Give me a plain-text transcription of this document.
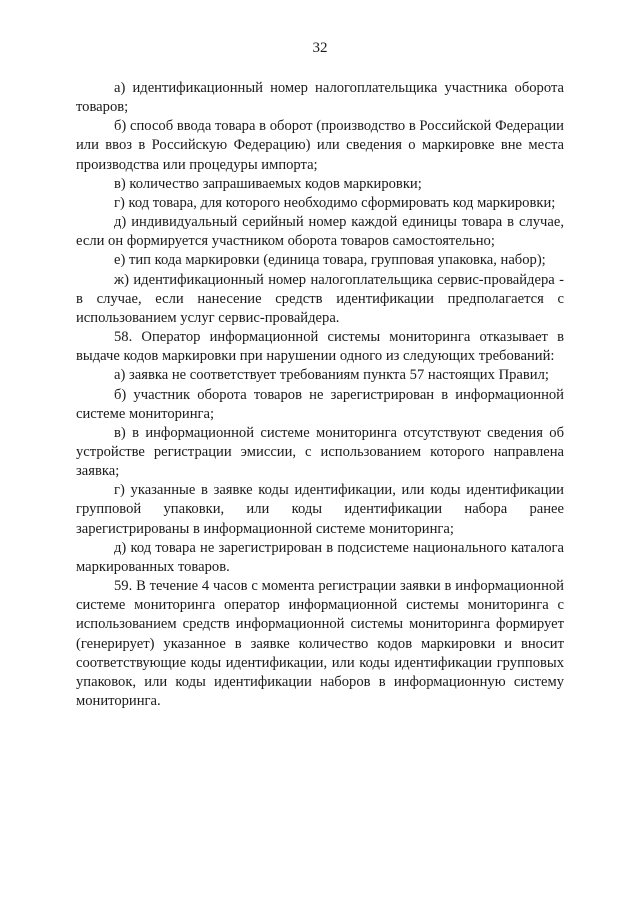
32

а) идентификационный номер налогоплательщика участника оборота товаров;

б) способ ввода товара в оборот (производство в Российской Федерации или ввоз в Российскую Федерацию) или сведения о маркировке вне места производства или процедуры импорта;

в) количество запрашиваемых кодов маркировки;

г) код товара, для которого необходимо сформировать код маркировки;

д) индивидуальный серийный номер каждой единицы товара в случае, если он формируется участником оборота товаров самостоятельно;

е) тип кода маркировки (единица товара, групповая упаковка, набор);

ж) идентификационный номер налогоплательщика сервис-провайдера - в случае, если нанесение средств идентификации предполагается с использованием услуг сервис-провайдера.

58. Оператор информационной системы мониторинга отказывает в выдаче кодов маркировки при нарушении одного из следующих требований:

а) заявка не соответствует требованиям пункта 57 настоящих Правил;

б) участник оборота товаров не зарегистрирован в информационной системе мониторинга;

в) в информационной системе мониторинга отсутствуют сведения об устройстве регистрации эмиссии, с использованием которого направлена заявка;

г) указанные в заявке коды идентификации, или коды идентификации групповой упаковки, или коды идентификации набора ранее зарегистрированы в информационной системе мониторинга;

д) код товара не зарегистрирован в подсистеме национального каталога маркированных товаров.

59. В течение 4 часов с момента регистрации заявки в информационной системе мониторинга оператор информационной системы мониторинга с использованием средств информационной системы мониторинга формирует (генерирует) указанное в заявке количество кодов маркировки и вносит соответствующие коды идентификации, или коды идентификации групповых упаковок, или коды идентификации наборов в информационную систему мониторинга.
